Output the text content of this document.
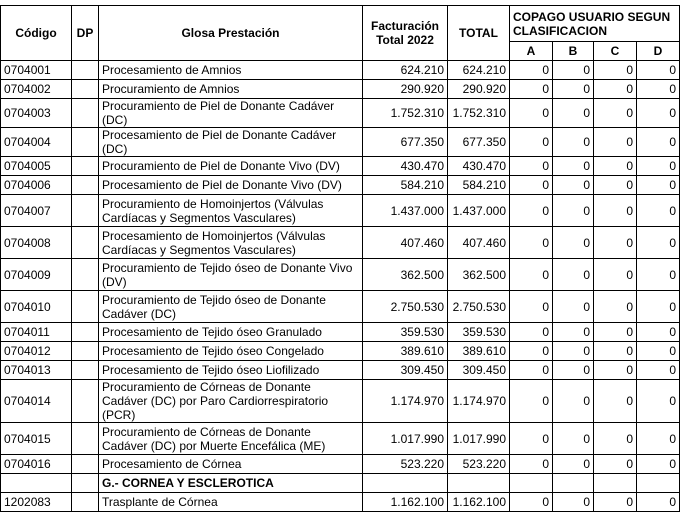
Código	DP	Glosa Prestación	Facturación Total 2022	TOTAL	COPAGO USUARIO SEGUN CLASIFICACION			
					A	B	C	D
0704001		Procesamiento de Amnios	624.210	624.210	0	0	0	0
0704002		Procuramiento de Amnios	290.920	290.920	0	0	0	0
0704003		Procuramiento de Piel de Donante Cadáver (DC)	1.752.310	1.752.310	0	0	0	0
0704004		Procesamiento de Piel de Donante Cadáver (DC)	677.350	677.350	0	0	0	0
0704005		Procuramiento de Piel de Donante Vivo (DV)	430.470	430.470	0	0	0	0
0704006		Procesamiento de Piel de Donante Vivo (DV)	584.210	584.210	0	0	0	0
0704007		Procuramiento de Homoinjertos (Válvulas Cardíacas y Segmentos Vasculares)	1.437.000	1.437.000	0	0	0	0
0704008		Procesamiento de Homoinjertos (Válvulas Cardíacas y Segmentos Vasculares)	407.460	407.460	0	0	0	0
0704009		Procuramiento de Tejido óseo de Donante Vivo (DV)	362.500	362.500	0	0	0	0
0704010		Procuramiento de Tejido óseo de Donante Cadáver (DC)	2.750.530	2.750.530	0	0	0	0
0704011		Procesamiento de Tejido óseo Granulado	359.530	359.530	0	0	0	0
0704012		Procesamiento de Tejido óseo Congelado	389.610	389.610	0	0	0	0
0704013		Procesamiento de Tejido óseo Liofilizado	309.450	309.450	0	0	0	0
0704014		Procuramiento de Córneas de Donante Cadáver (DC) por Paro Cardiorrespiratorio (PCR)	1.174.970	1.174.970	0	0	0	0
0704015		Procuramiento de Córneas de Donante Cadáver (DC) por Muerte Encefálica (ME)	1.017.990	1.017.990	0	0	0	0
0704016		Procesamiento de Córnea	523.220	523.220	0	0	0	0
		G.- CORNEA Y ESCLEROTICA						
1202083		Trasplante de Córnea	1.162.100	1.162.100	0	0	0	0
